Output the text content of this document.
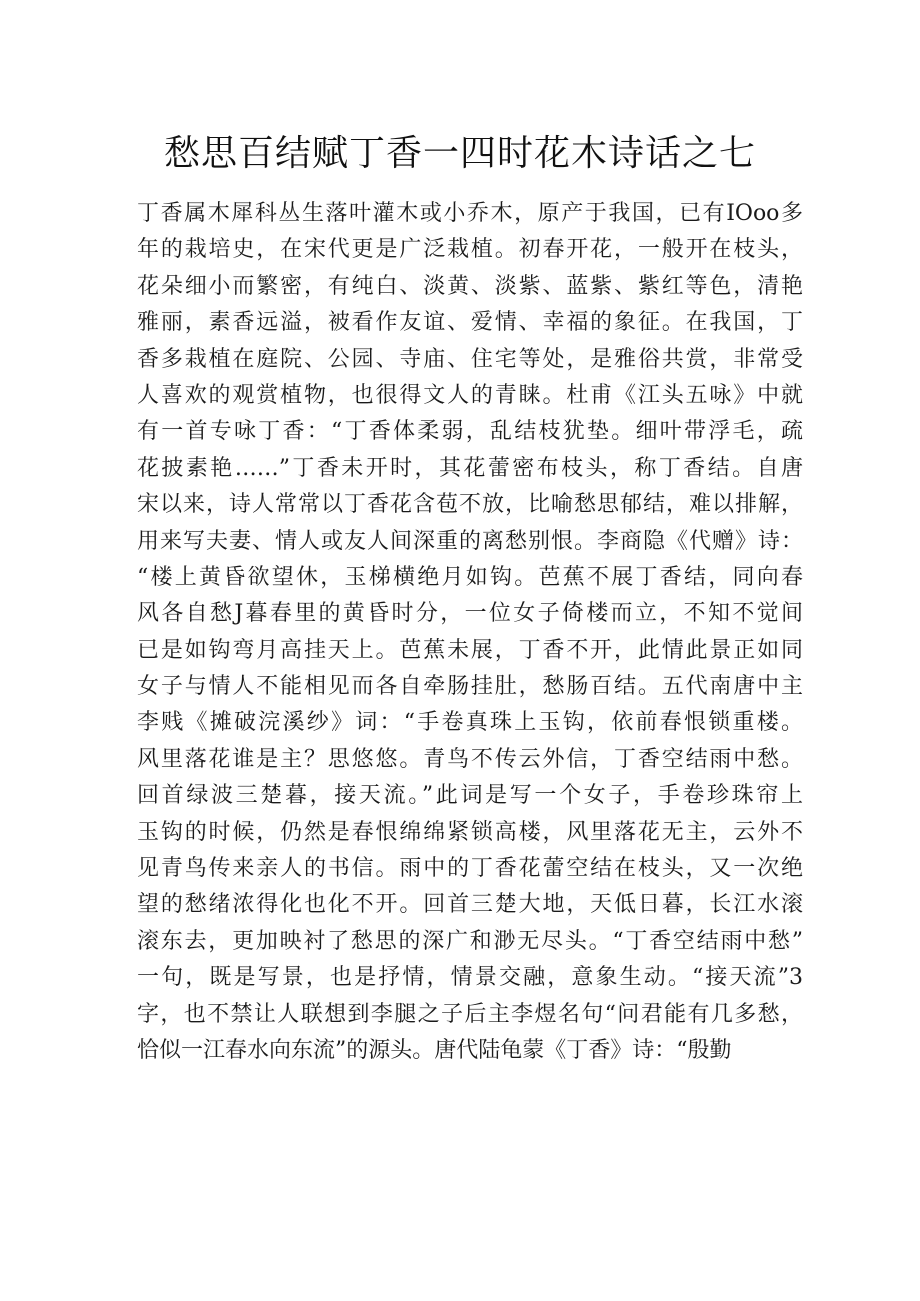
愁思百结赋丁香一四时花木诗话之七
丁香属木犀科丛生落叶灌木或小乔木，原产于我国，已有IOoo多
年的栽培史，在宋代更是广泛栽植。初春开花，一般开在枝头，
花朵细小而繁密，有纯白、淡黄、淡紫、蓝紫、紫红等色，清艳
雅丽，素香远溢，被看作友谊、爱情、幸福的象征。在我国，丁
香多栽植在庭院、公园、寺庙、住宅等处，是雅俗共赏，非常受
人喜欢的观赏植物，也很得文人的青睐。杜甫《江头五咏》中就
有一首专咏丁香：“丁香体柔弱，乱结枝犹垫。细叶带浮毛，疏
花披素艳……”丁香未开时，其花蕾密布枝头，称丁香结。自唐
宋以来，诗人常常以丁香花含苞不放，比喻愁思郁结，难以排解，
用来写夫妻、情人或友人间深重的离愁别恨。李商隐《代赠》诗：
“楼上黄昏欲望休，玉梯横绝月如钩。芭蕉不展丁香结，同向春
风各自愁J暮春里的黄昏时分，一位女子倚楼而立，不知不觉间
已是如钩弯月高挂天上。芭蕉未展，丁香不开，此情此景正如同
女子与情人不能相见而各自牵肠挂肚，愁肠百结。五代南唐中主
李贱《摊破浣溪纱》词：“手卷真珠上玉钩，依前春恨锁重楼。
风里落花谁是主？思悠悠。青鸟不传云外信，丁香空结雨中愁。
回首绿波三楚暮，接天流。”此词是写一个女子，手卷珍珠帘上
玉钩的时候，仍然是春恨绵绵紧锁高楼，风里落花无主，云外不
见青鸟传来亲人的书信。雨中的丁香花蕾空结在枝头，又一次绝
望的愁绪浓得化也化不开。回首三楚大地，天低日暮，长江水滚
滚东去，更加映衬了愁思的深广和渺无尽头。“丁香空结雨中愁”
一句，既是写景，也是抒情，情景交融，意象生动。“接天流”3
字，也不禁让人联想到李腿之子后主李煜名句“问君能有几多愁，
恰似一江春水向东流”的源头。唐代陆龟蒙《丁香》诗：“殷勤
